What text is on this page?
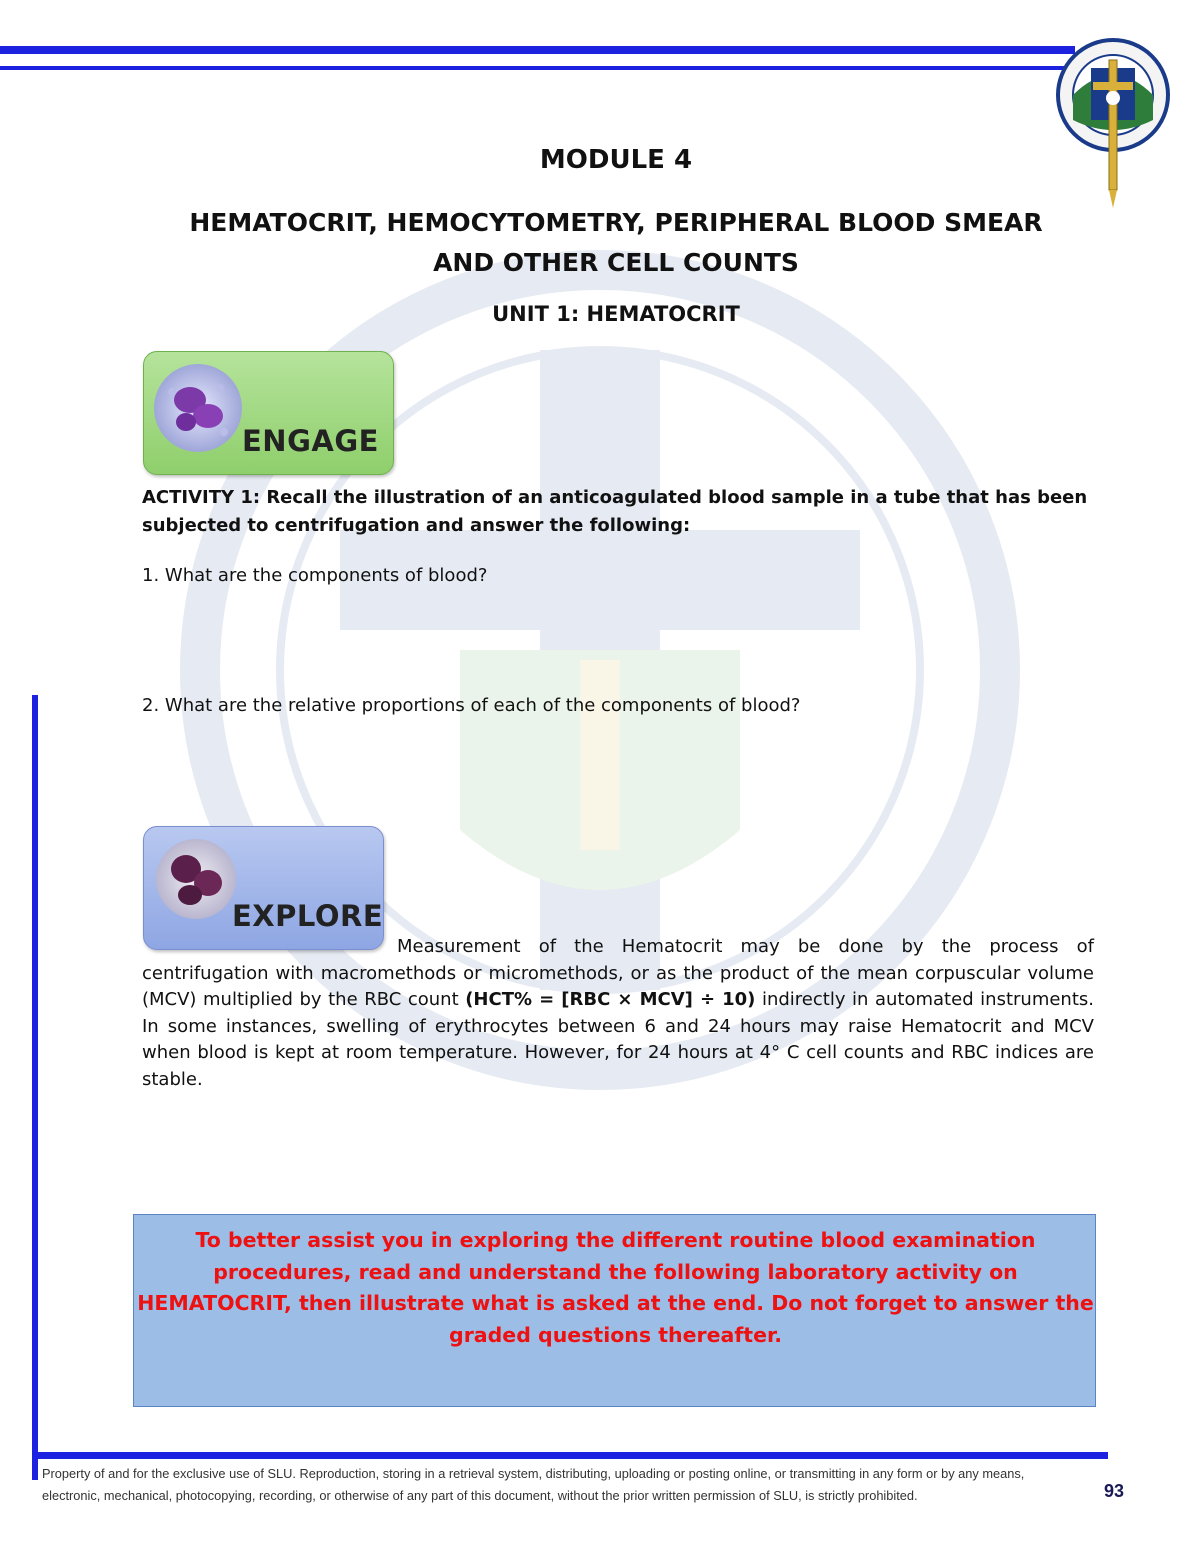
MODULE 4
HEMATOCRIT, HEMOCYTOMETRY, PERIPHERAL BLOOD SMEAR
AND OTHER CELL COUNTS
UNIT 1: HEMATOCRIT
ENGAGE
ACTIVITY 1: Recall the illustration of an anticoagulated blood sample in a tube that has been subjected to centrifugation and answer the following:
1. What are the components of blood?
2. What are the relative proportions of each of the components of blood?
EXPLORE
Measurement of the Hematocrit may be done by the process of centrifugation with macromethods or micromethods, or as the product of the mean corpuscular volume (MCV) multiplied by the RBC count (HCT% = [RBC × MCV] ÷ 10) indirectly in automated instruments. In some instances, swelling of erythrocytes between 6 and 24 hours may raise Hematocrit and MCV when blood is kept at room temperature. However, for 24 hours at 4° C cell counts and RBC indices are stable.
To better assist you in exploring the different routine blood examination procedures, read and understand the following laboratory activity on HEMATOCRIT, then illustrate what is asked at the end. Do not forget to answer the graded questions thereafter.
Property of and for the exclusive use of SLU. Reproduction, storing in a retrieval system, distributing, uploading or posting online, or transmitting in any form or by any means,
electronic, mechanical, photocopying, recording, or otherwise of any part of this document, without the prior written permission of SLU, is strictly prohibited.	93
